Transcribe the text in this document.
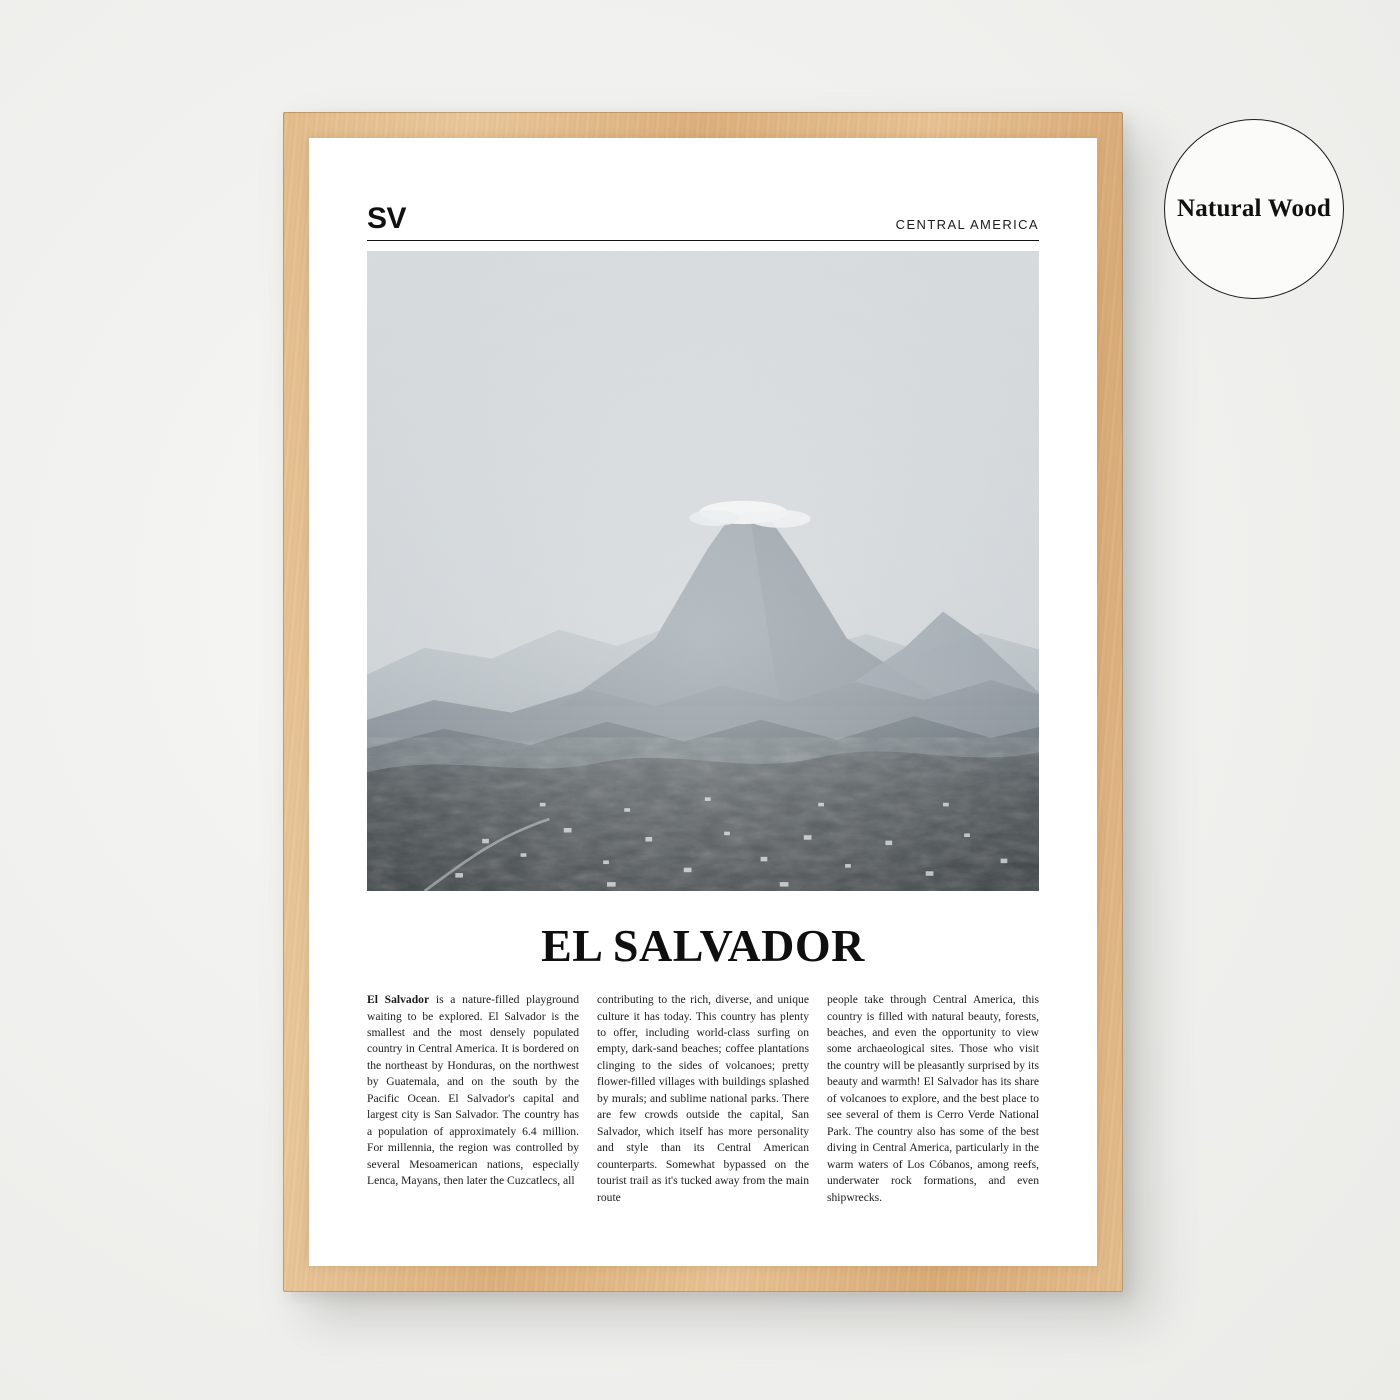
SV	CENTRAL AMERICA
EL SALVADOR
El Salvador is a nature-filled playground waiting to be explored. El Salvador is the smallest and the most densely populated country in Central America. It is bordered on the northeast by Honduras, on the northwest by Guatemala, and on the south by the Pacific Ocean. El Salvador's capital and largest city is San Salvador. The country has a population of approximately 6.4 million. For millennia, the region was controlled by several Mesoamerican nations, especially Lenca, Mayans, then later the Cuzcatlecs, all
contributing to the rich, diverse, and unique culture it has today. This country has plenty to offer, including world-class surfing on empty, dark-sand beaches; coffee plantations clinging to the sides of volcanoes; pretty flower-filled villages with buildings splashed by murals; and sublime national parks. There are few crowds outside the capital, San Salvador, which itself has more personality and style than its Central American counterparts. Somewhat bypassed on the tourist trail as it's tucked away from the main route
people take through Central America, this country is filled with natural beauty, forests, beaches, and even the opportunity to view some archaeological sites. Those who visit the country will be pleasantly surprised by its beauty and warmth! El Salvador has its share of volcanoes to explore, and the best place to see several of them is Cerro Verde National Park. The country also has some of the best diving in Central America, particularly in the warm waters of Los Cóbanos, among reefs, underwater rock formations, and even shipwrecks.
Natural Wood
